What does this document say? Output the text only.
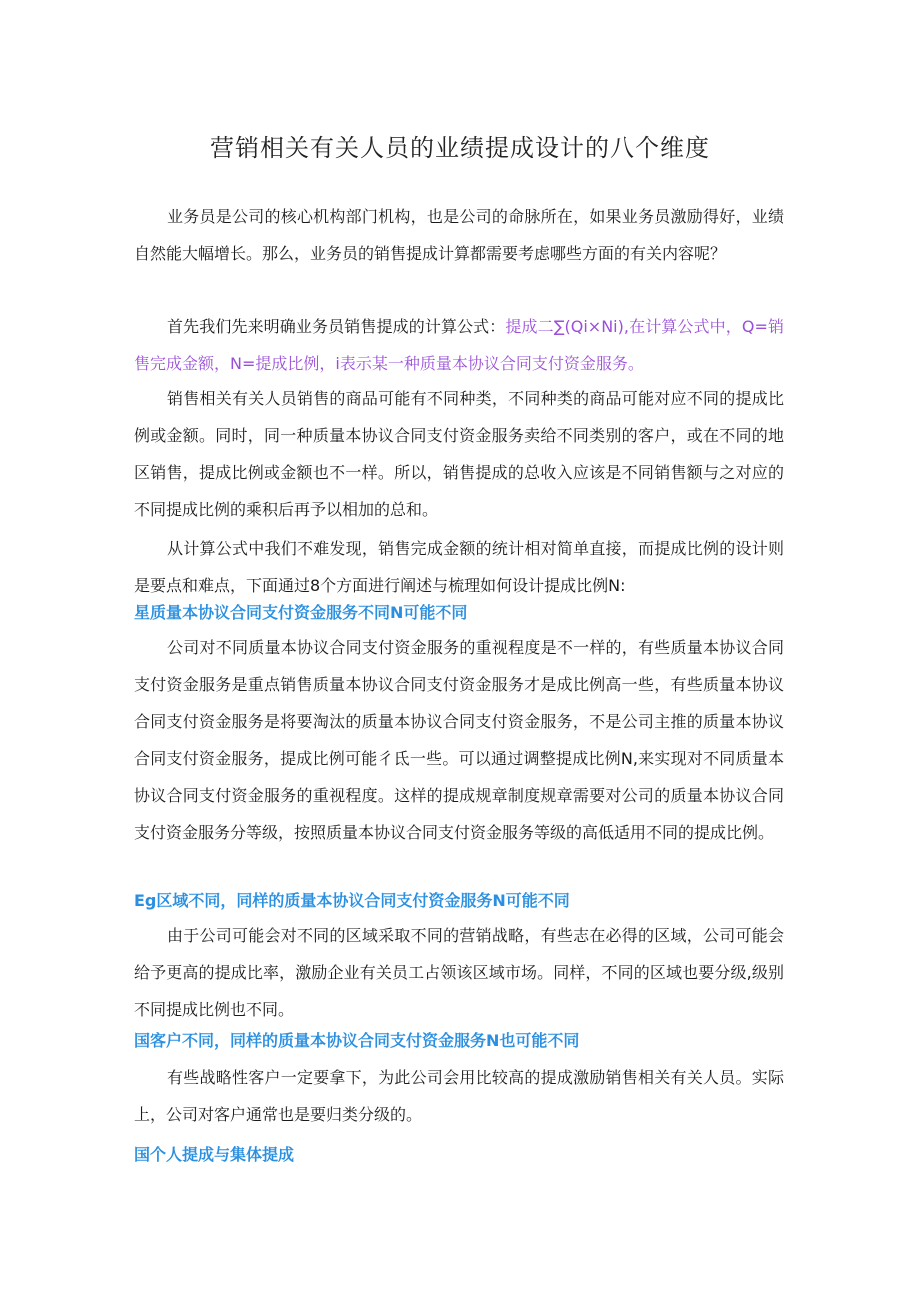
营销相关有关人员的业绩提成设计的八个维度

业务员是公司的核心机构部门机构，也是公司的命脉所在，如果业务员激励得好，业绩自然能大幅增长。那么，业务员的销售提成计算都需要考虑哪些方面的有关内容呢？

首先我们先来明确业务员销售提成的计算公式：提成二∑(Qi×Ni),在计算公式中，Q=销售完成金额，N=提成比例，i表示某一种质量本协议合同支付资金服务。

销售相关有关人员销售的商品可能有不同种类，不同种类的商品可能对应不同的提成比例或金额。同时，同一种质量本协议合同支付资金服务卖给不同类别的客户，或在不同的地区销售，提成比例或金额也不一样。所以，销售提成的总收入应该是不同销售额与之对应的不同提成比例的乘积后再予以相加的总和。

从计算公式中我们不难发现，销售完成金额的统计相对简单直接，而提成比例的设计则是要点和难点，下面通过8个方面进行阐述与梳理如何设计提成比例N:

星质量本协议合同支付资金服务不同N可能不同

公司对不同质量本协议合同支付资金服务的重视程度是不一样的，有些质量本协议合同支付资金服务是重点销售质量本协议合同支付资金服务才是成比例高一些，有些质量本协议合同支付资金服务是将要淘汰的质量本协议合同支付资金服务，不是公司主推的质量本协议合同支付资金服务，提成比例可能彳氐一些。可以通过调整提成比例N,来实现对不同质量本协议合同支付资金服务的重视程度。这样的提成规章制度规章需要对公司的质量本协议合同支付资金服务分等级，按照质量本协议合同支付资金服务等级的高低适用不同的提成比例。

Eg区域不同，同样的质量本协议合同支付资金服务N可能不同

由于公司可能会对不同的区域采取不同的营销战略，有些志在必得的区域，公司可能会给予更高的提成比率，激励企业有关员工占领该区域市场。同样，不同的区域也要分级,级别不同提成比例也不同。

国客户不同，同样的质量本协议合同支付资金服务N也可能不同

有些战略性客户一定要拿下，为此公司会用比较高的提成激励销售相关有关人员。实际上，公司对客户通常也是要归类分级的。

国个人提成与集体提成
